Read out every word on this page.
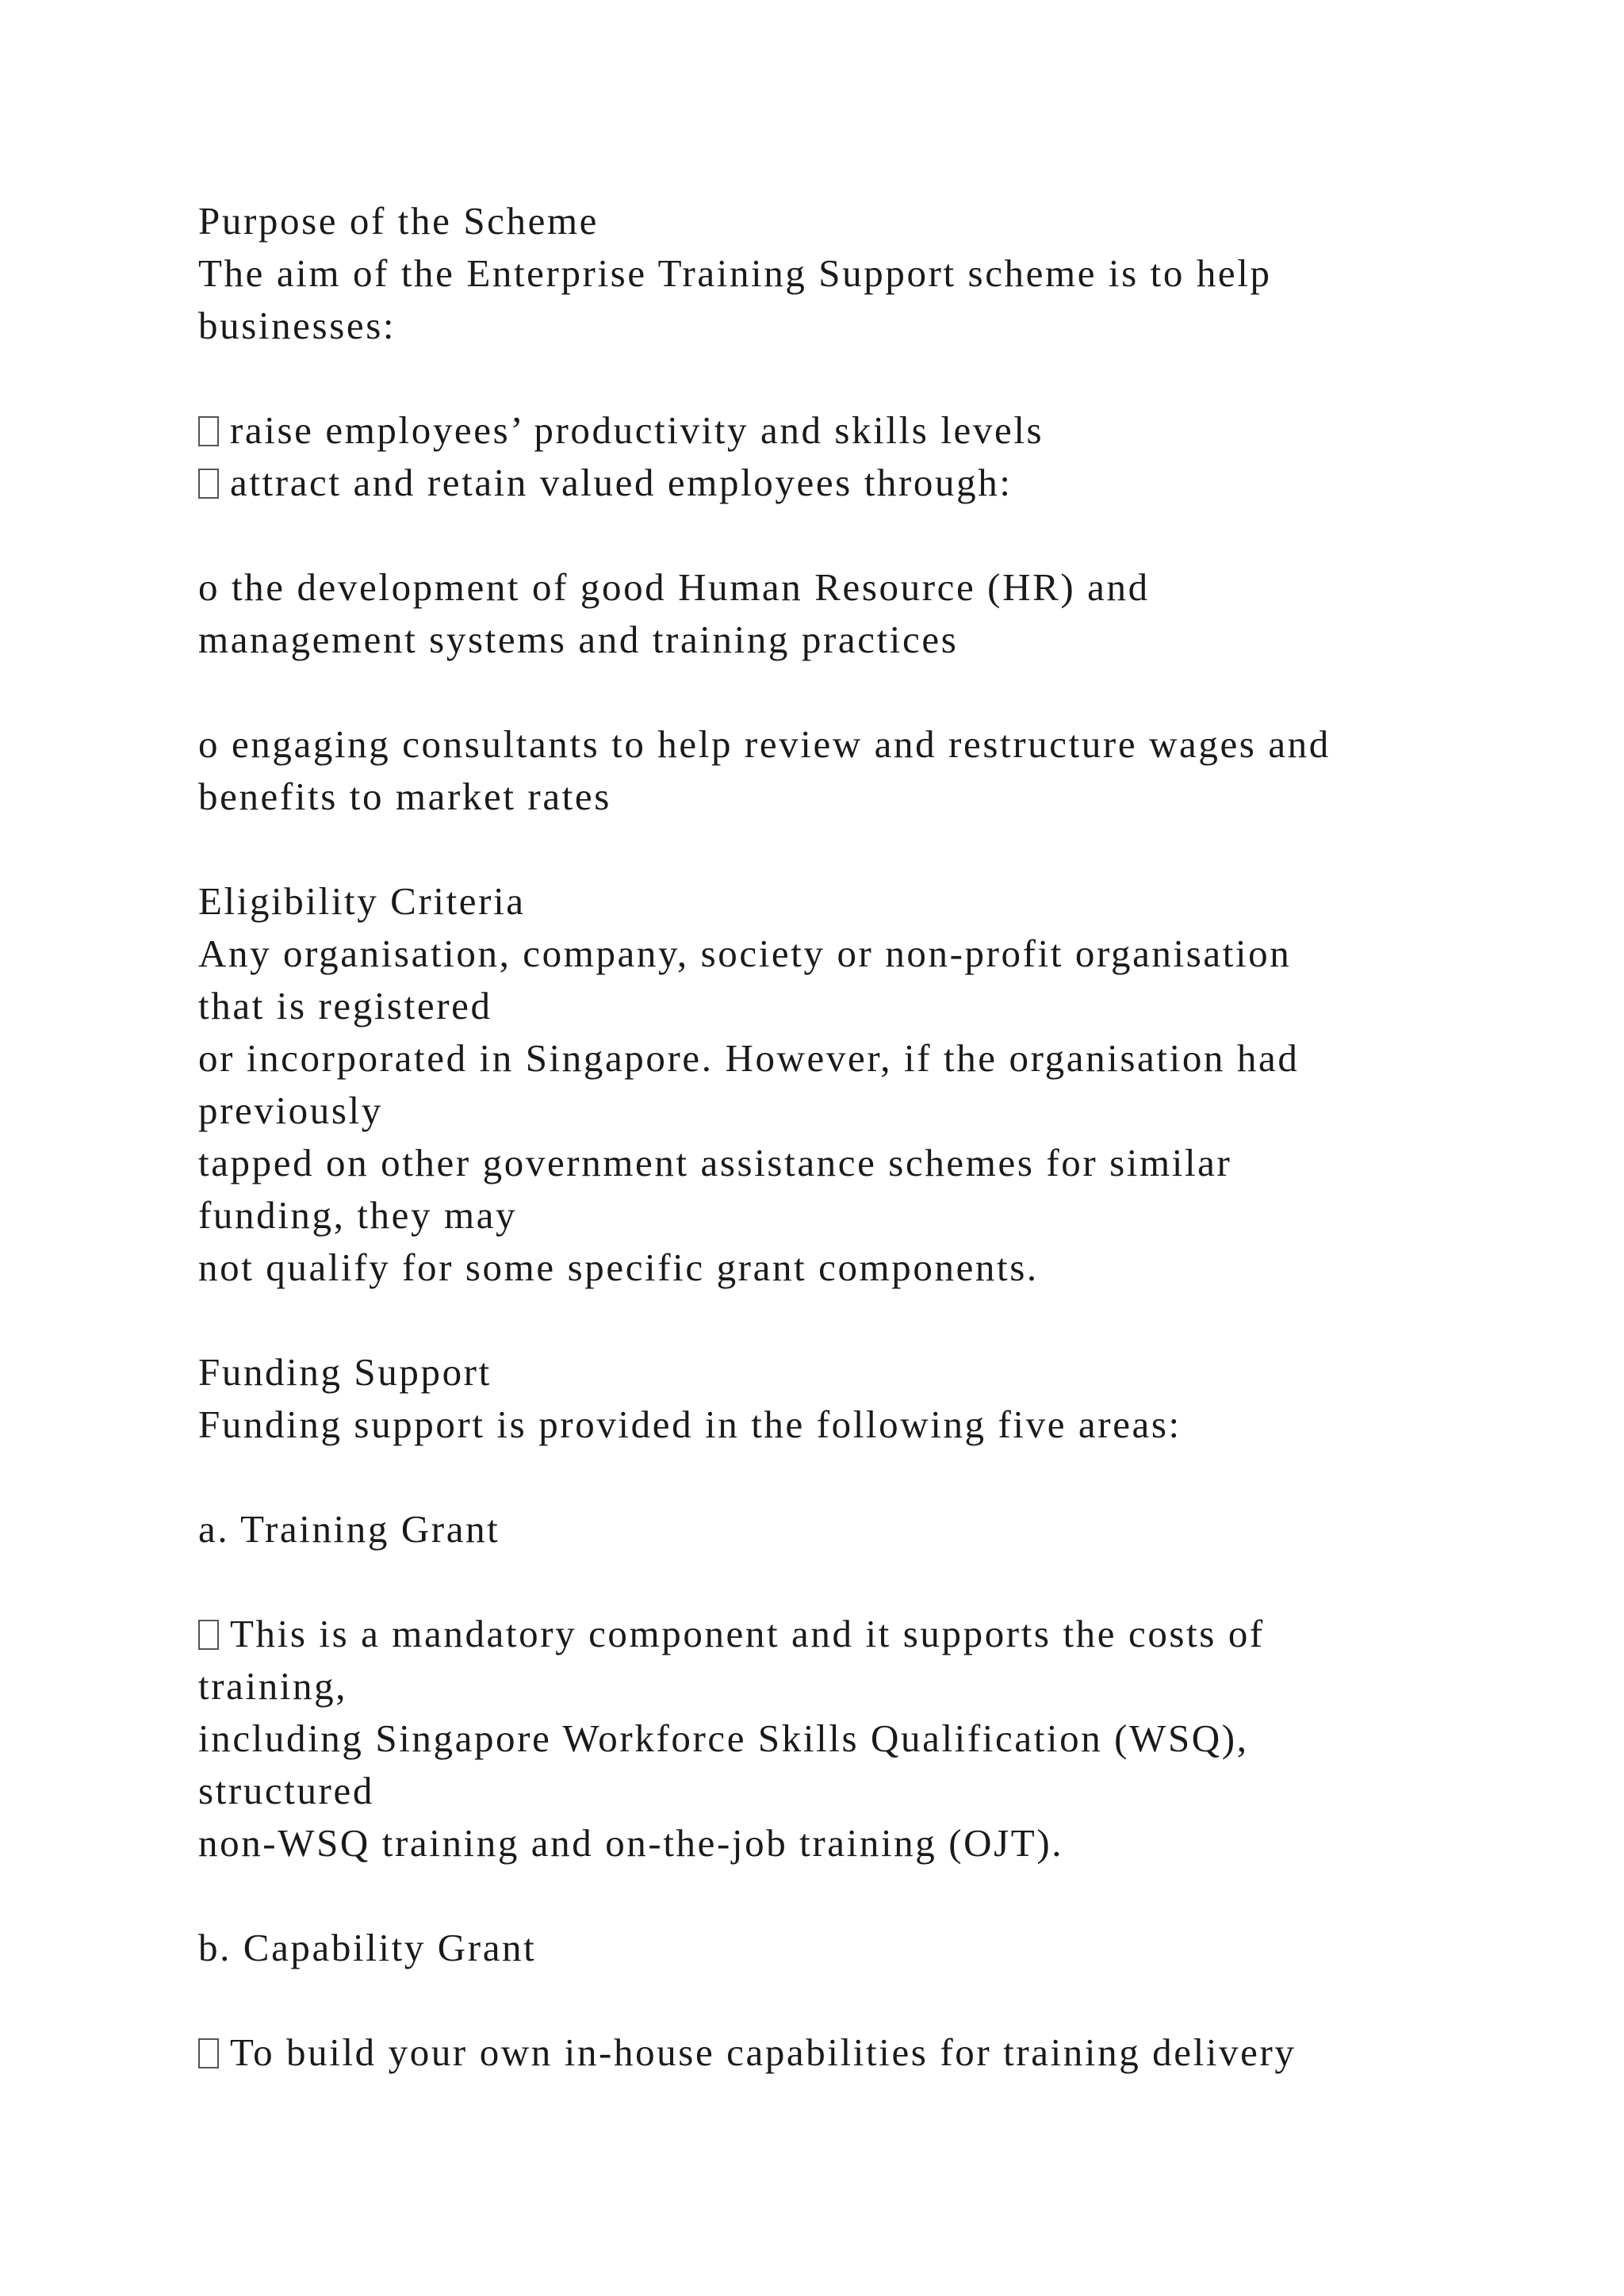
Purpose of the Scheme
The aim of the Enterprise Training Support scheme is to help
businesses:
raise employees’ productivity and skills levels
attract and retain valued employees through:
o the development of good Human Resource (HR) and
management systems and training practices
o engaging consultants to help review and restructure wages and
benefits to market rates
Eligibility Criteria
Any organisation, company, society or non-profit organisation
that is registered
or incorporated in Singapore. However, if the organisation had
previously
tapped on other government assistance schemes for similar
funding, they may
not qualify for some specific grant components.
Funding Support
Funding support is provided in the following five areas:
a. Training Grant
This is a mandatory component and it supports the costs of
training,
including Singapore Workforce Skills Qualification (WSQ),
structured
non-WSQ training and on-the-job training (OJT).
b. Capability Grant
To build your own in-house capabilities for training delivery
